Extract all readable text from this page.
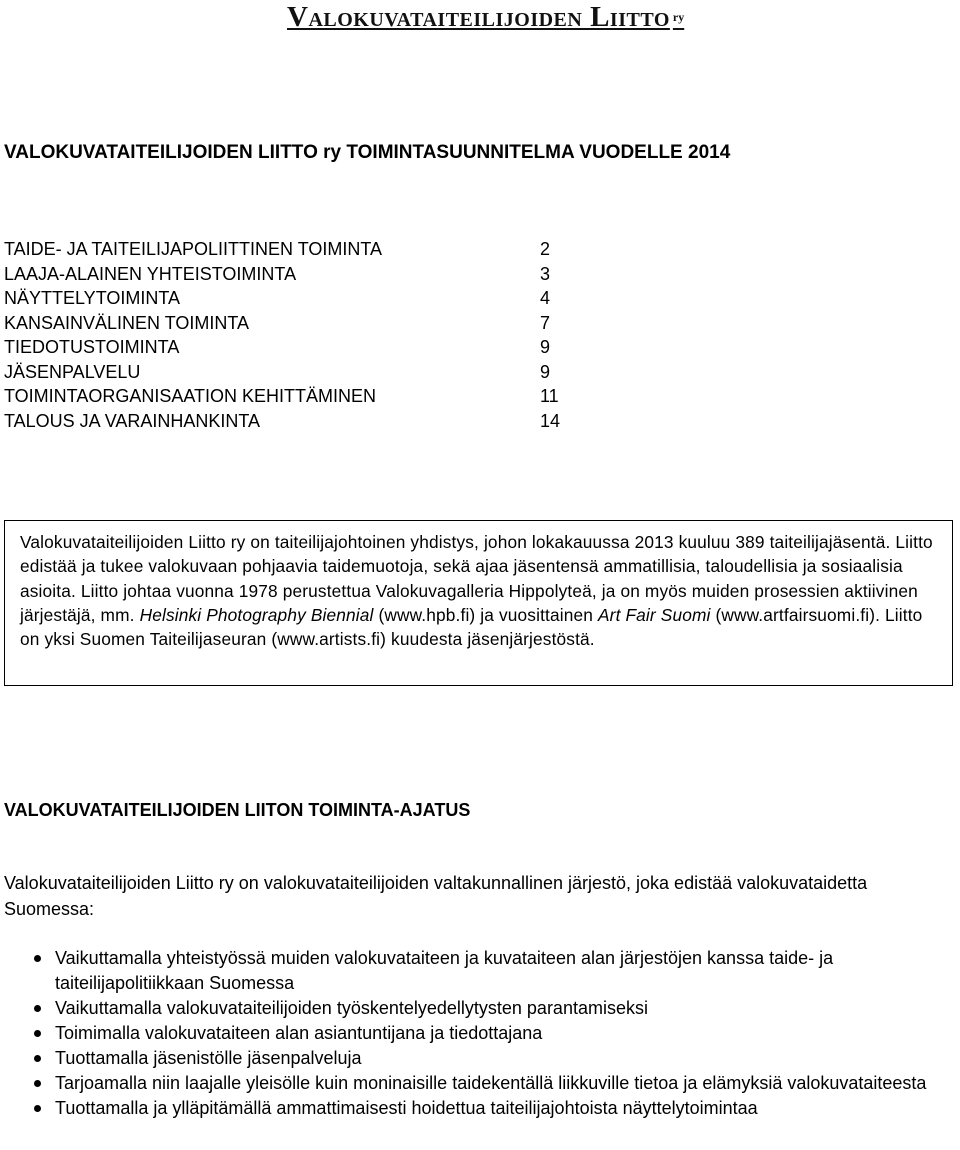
Valokuvataiteilijoiden Liitto $^{ry}$
VALOKUVATAITEILIJOIDEN LIITTO ry TOIMINTASUUNNITELMA VUODELLE 2014
TAIDE- JA TAITEILIJAPOLIITTINEN TOIMINTA	2
LAAJA-ALAINEN YHTEISTOIMINTA	3
NÄYTTELYTOIMINTA	4
KANSAINVÄLINEN TOIMINTA	7
TIEDOTUSTOIMINTA	9
JÄSENPALVELU	9
TOIMINTAORGANISAATION KEHITTÄMINEN	11
TALOUS JA VARAINHANKINTA	14

Valokuvataiteilijoiden Liitto ry on taiteilijajohtoinen yhdistys, johon lokakauussa 2013 kuuluu 389 taiteilijajäsentä. Liitto edistää ja tukee valokuvaan pohjaavia taidemuotoja, sekä ajaa jäsentensä ammatillisia, taloudellisia ja sosiaalisia asioita. Liitto johtaa vuonna 1978 perustettua Valokuvagalleria Hippolyteä, ja on myös muiden prosessien aktiivinen järjestäjä, mm. Helsinki Photography Biennial (www.hpb.fi) ja vuosittainen Art Fair Suomi (www.artfairsuomi.fi). Liitto on yksi Suomen Taiteilijaseuran (www.artists.fi) kuudesta jäsenjärjestöstä.

VALOKUVATAITEILIJOIDEN LIITON TOIMINTA-AJATUS

Valokuvataiteilijoiden Liitto ry on valokuvataiteilijoiden valtakunnallinen järjestö, joka edistää valokuvataidetta Suomessa:

Vaikuttamalla yhteistyössä muiden valokuvataiteen ja kuvataiteen alan järjestöjen kanssa taide- ja taiteilijapolitiikkaan Suomessa
Vaikuttamalla valokuvataiteilijoiden työskentelyedellytysten parantamiseksi
Toimimalla valokuvataiteen alan asiantuntijana ja tiedottajana
Tuottamalla jäsenistölle jäsenpalveluja
Tarjoamalla niin laajalle yleisölle kuin moninaisille taidekentällä liikkuville tietoa ja elämyksiä valokuvataiteesta
Tuottamalla ja ylläpitämällä ammattimaisesti hoidettua taiteilijajohtoista näyttelytoimintaa
